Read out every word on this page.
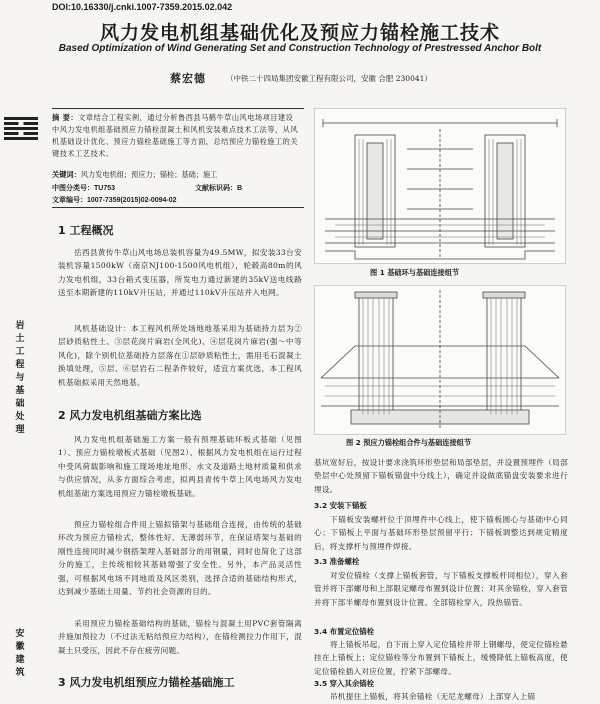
DOI:10.16330/j.cnki.1007-7359.2015.02.042
风力发电机组基础优化及预应力锚栓施工技术
Based Optimization of Wind Generating Set and Construction Technology of Prestressed Anchor Bolt
蔡宏德	（中铁二十四局集团安徽工程有限公司，安徽 合肥 230041）
摘 要：文章结合工程实例，通过分析鲁西县马鹤牛草山风电场项目建设中风力发电机组基础预应力锚栓混凝土和风机安装难点技术工法等，从风机基础设计优化、预应力锚栓基础施工等方面，总结预应力锚栓施工的关键技术工艺技术。
关键词：风力发电机组；预应力；锚栓；基础；施工
中图分类号：TU753	文献标识码：B
文章编号：1007-7359(2015)02-0094-02
岩
土
工
程
与
基
础
处
理
安
徽
建
筑
1 工程概况
岳西县黄传牛草山风电场总装机容量为49.5MW，拟安装33台安装机容量1500kW（南京NJ100-1500风电机组），轮毂高80m的风力发电机组，33台箱式变压器，所发电力通过新建的35kV送电线路送至本期新建的110kV升压站，并通过110kV升压站并入电网。
风机基础设计：本工程风机所处场地地基采用为基础持力层为②层砂质粘性土、③层花岗片麻岩(全风化)、④层花岗片麻岩(强～中等风化)，除个别机位基础持力层落在①层砂质粘性土，需用毛石混凝土换填处理，⑤层、⑥层岩石二程条件较好，适宜方案优选，本工程风机基础拟采用天然地基。
2 风力发电机组基础方案比选
风力发电机组基础施工方案一般有预埋基础环板式基础（见图1）、预应力锚栓墩板式基础（见图2）、根据风力发电机组在运行过程中受风荷载影响和施工现场地址地形、水文及道路土地材质量和供求与供应情况，从多方面综合考虑，拟两县青传牛草上风电场风力发电机组基础方案选用预应力锚栓墩板基础。
预应力锚栓组合件用上锚拟锚架与基础组合连接，由传统的基础环改为预应力锚栓式，整体性好、无薄弱环节，在保证塔架与基础的刚性连接同时减少钢搭架埋入基础部分的用钢量，同时也简化了这部分的施工，主传统相较其基础增强了安全性。另外，本产品灵活性强，可根据风电场不同地质及风区类别，选择合适的基础结构形式，达到减少基础土用量、节约社会资源的目的。
采用预应力锚栓基础结构的基础，锚栓与混凝土用PVC套管隔离并施加预拉力（不过法无粘结预应力结构），在锚栓测拉力作用下，混凝土只受压，因此不存在疲劳问题。
3 风力发电机组预应力锚栓基础施工
图 1 基础环与基础连接组节
图 2 预应力锚栓组合件与基础连接组节
基坑宽好后，按设计要求浇筑环形垫层和局部垫层，并设置预埋件（局部垫层中心处预留下锚板锚盘中分线上），确定并设做底锚盘安装要求进行埋设。
3.2 安装下锚板
下锚板安装螺杆位于顶埋件中心线上，使下锚板圆心与基础中心同心；下锚板上平面与基础环形垫层预留平行；下锚板调整达到规定精度后，将支撑杆与预埋件焊接。
3.3 准备螺栓
对安位锚栓（支撑上锚板套管，与下锚板支撑板杆同相位），穿入套管并将下部螺母和上部限定螺母布置到设计位置；对其余锚栓，穿入套管并将下部半螺母布置到设计位置。全部锚栓穿入，段热锚管。
3.4 布置定位锚栓
将上锚板吊起，自下而上穿入定位锚栓并带上钢螺母，使定位锚栓悬挂在上锚板上；定位锚栓等分布置到下锚板上，缓慢降低上锚板高度，使定位锚栓插入对应位置，拧紧下部螺母。
3.5 穿入其余锚栓
吊机提住上锚板，将其余锚栓（无尼龙螺母）上部穿入上锚
